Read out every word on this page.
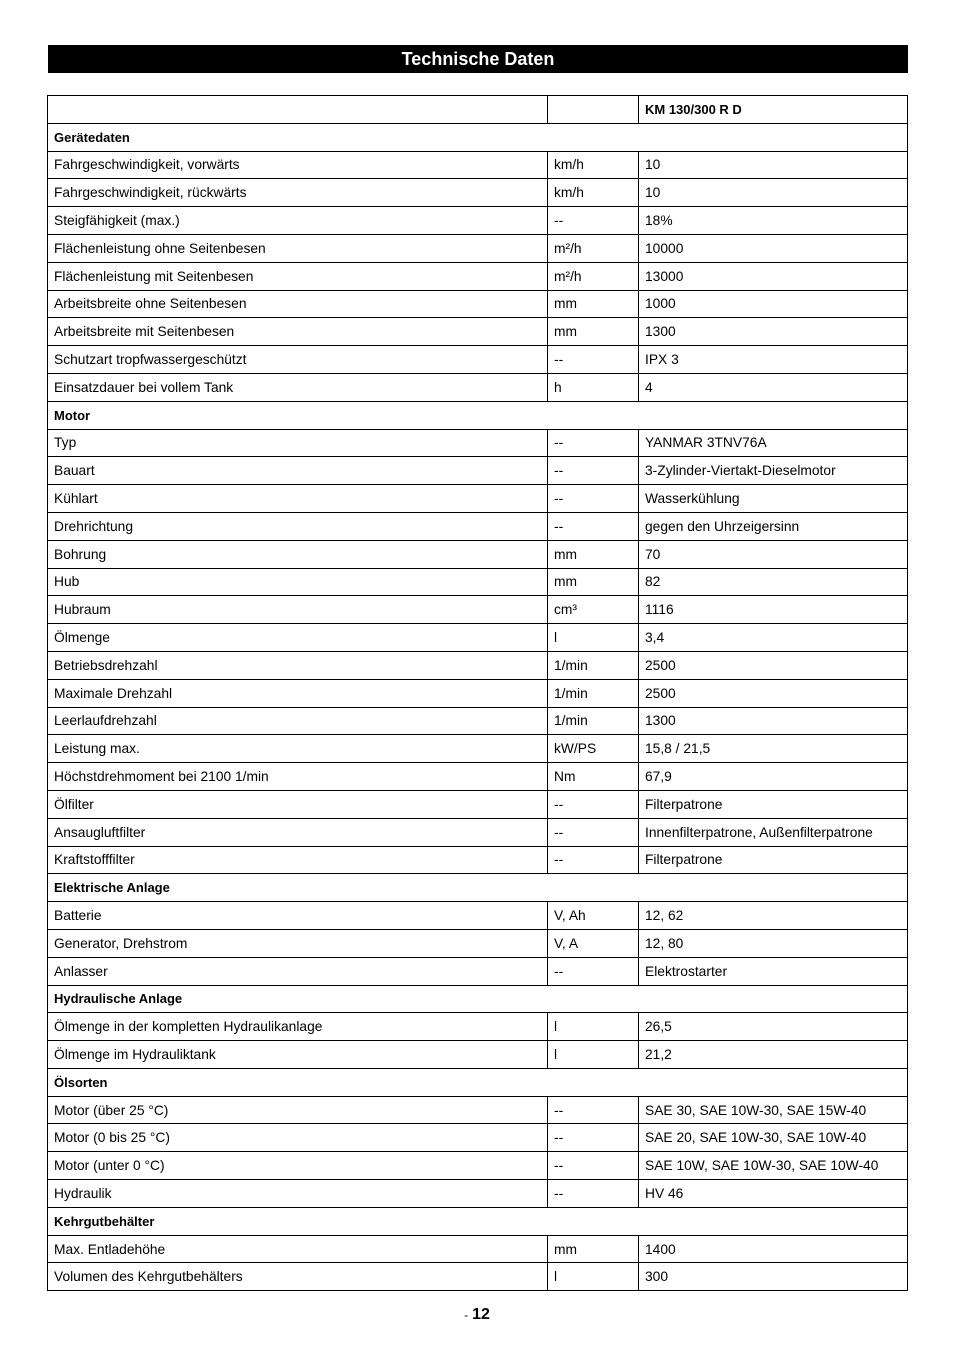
Technische Daten
		KM 130/300 R D
Gerätedaten		
Fahrgeschwindigkeit, vorwärts	km/h	10
Fahrgeschwindigkeit, rückwärts	km/h	10
Steigfähigkeit (max.)	--	18%
Flächenleistung ohne Seitenbesen	m²/h	10000
Flächenleistung mit Seitenbesen	m²/h	13000
Arbeitsbreite ohne Seitenbesen	mm	1000
Arbeitsbreite mit Seitenbesen	mm	1300
Schutzart tropfwassergeschützt	--	IPX 3
Einsatzdauer bei vollem Tank	h	4
Motor		
Typ	--	YANMAR 3TNV76A
Bauart	--	3-Zylinder-Viertakt-Dieselmotor
Kühlart	--	Wasserkühlung
Drehrichtung	--	gegen den Uhrzeigersinn
Bohrung	mm	70
Hub	mm	82
Hubraum	cm³	1116
Ölmenge	l	3,4
Betriebsdrehzahl	1/min	2500
Maximale Drehzahl	1/min	2500
Leerlaufdrehzahl	1/min	1300
Leistung max.	kW/PS	15,8 / 21,5
Höchstdrehmoment bei 2100 1/min	Nm	67,9
Ölfilter	--	Filterpatrone
Ansaugluftfilter	--	Innenfilterpatrone, Außenfilterpatrone
Kraftstofffilter	--	Filterpatrone
Elektrische Anlage		
Batterie	V, Ah	12, 62
Generator, Drehstrom	V, A	12, 80
Anlasser	--	Elektrostarter
Hydraulische Anlage		
Ölmenge in der kompletten Hydraulikanlage	l	26,5
Ölmenge im Hydrauliktank	l	21,2
Ölsorten		
Motor (über 25 °C)	--	SAE 30, SAE 10W-30, SAE 15W-40
Motor (0 bis 25 °C)	--	SAE 20, SAE 10W-30, SAE 10W-40
Motor (unter 0 °C)	--	SAE 10W, SAE 10W-30, SAE 10W-40
Hydraulik	--	HV 46
Kehrgutbehälter		
Max. Entladehöhe	mm	1400
Volumen des Kehrgutbehälters	l	300
- 12
